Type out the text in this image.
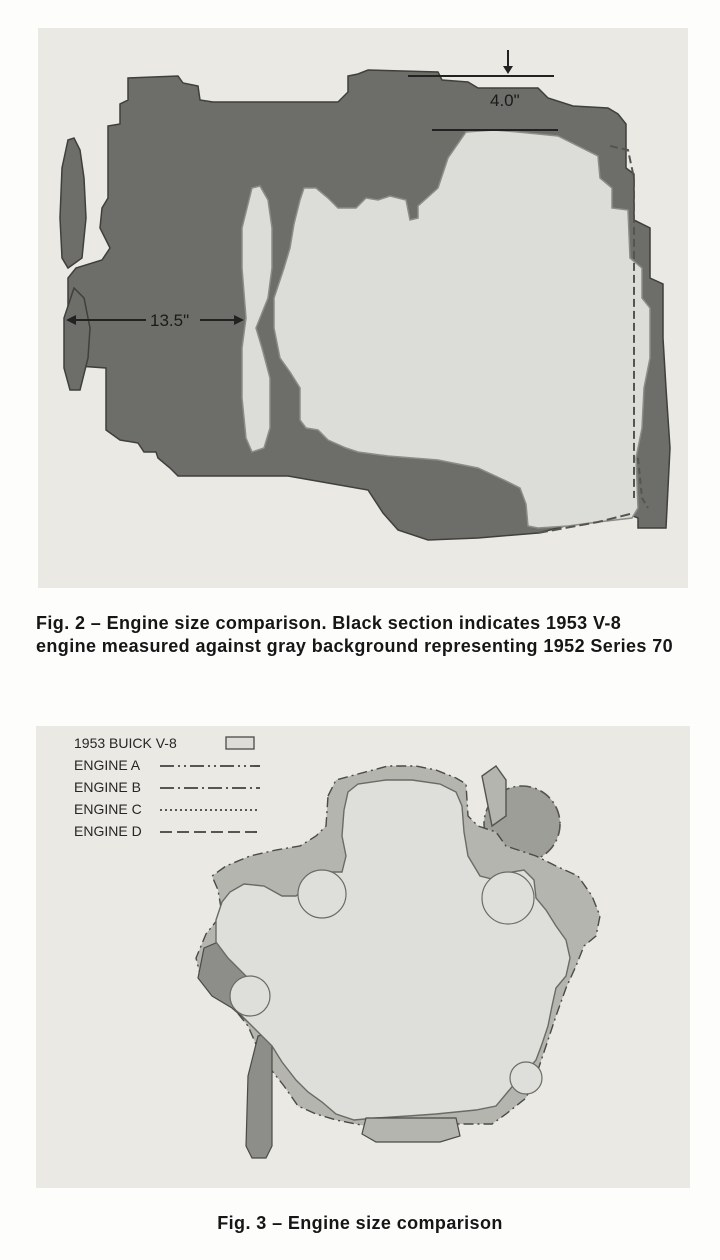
4.0"
13.5"
Fig. 2 – Engine size comparison. Black section indicates 1953 V-8
engine measured against gray background representing 1952 Series 70
1953 BUICK V-8
ENGINE A
ENGINE B
ENGINE C
ENGINE D
Fig. 3 – Engine size comparison
